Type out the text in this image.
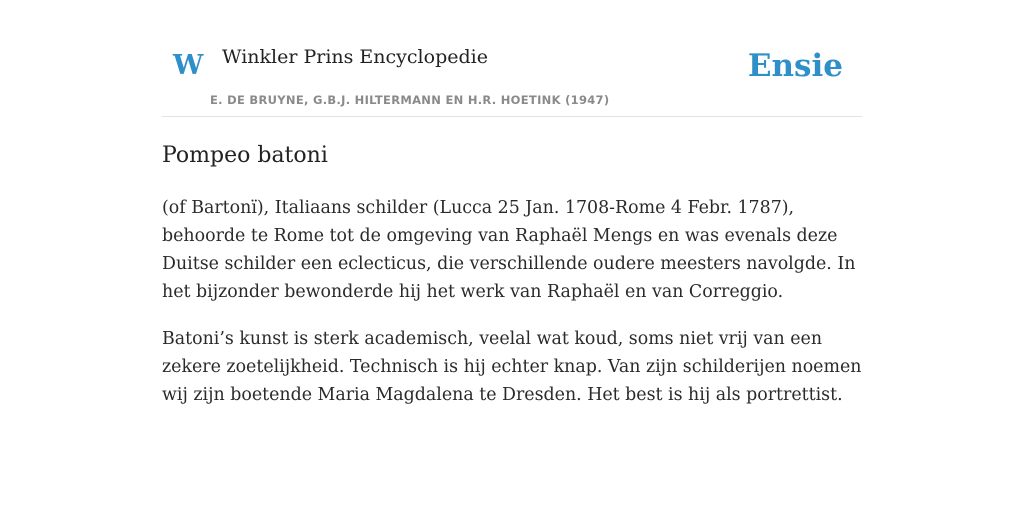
W Winkler Prins Encyclopedie
E. DE BRUYNE, G.B.J. HILTERMANN EN H.R. HOETINK (1947)
Ensie
Pompeo batoni

(of Bartonï), Italiaans schilder (Lucca 25 Jan. 1708-Rome 4 Febr. 1787), behoorde te Rome tot de omgeving van Raphaël Mengs en was evenals deze Duitse schilder een eclecticus, die verschillende oudere meesters navolgde. In het bijzonder bewonderde hij het werk van Raphaël en van Correggio.

Batoni’s kunst is sterk academisch, veelal wat koud, soms niet vrij van een zekere zoetelijkheid. Technisch is hij echter knap. Van zijn schilderijen noemen wij zijn boetende Maria Magdalena te Dresden. Het best is hij als portrettist.
